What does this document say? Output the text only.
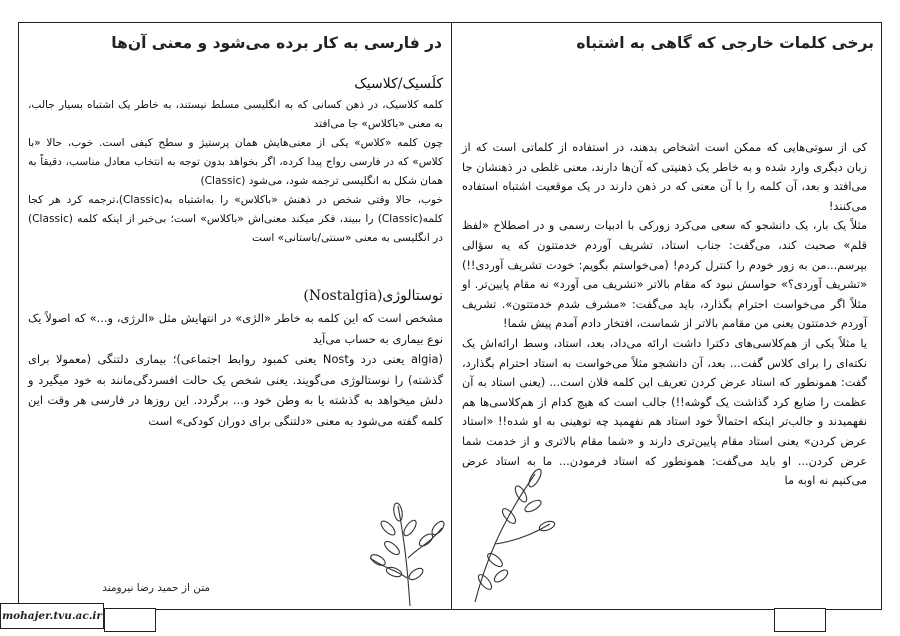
برخی کلمات خارجی که گاهی به اشتباه
در فارسی به کار برده می‌شود و معنی آن‌ها

کی از سوتی‌هایی که ممکن است اشخاص بدهند، در استفاده از کلماتی است که از زبان دیگری وارد شده و به خاطر یک ذهنیتی که آن‌ها دارند، معنی غلطی در ذهنشان جا می‌افتد و بعد، آن کلمه را با آن معنی که در ذهن دارند در یک موقعیت اشتباه استفاده می‌کنند!

مثلاً یک بار، یک دانشجو که سعی می‌کرد زورکی با ادبیات رسمی و در اصطلاح «لفظ قلم» صحبت کند، می‌گفت: جناب استاد، تشریف آوردم خدمتتون که یه سؤالی بپرسم...من به زور خودم را کنترل کردم! (می‌خواستم بگویم: خودت تشریف آوردی!!) «تشریف آوردی؟» حواسش نبود که مقام بالاتر «تشریف می آورد» نه مقام پایین‌تر. او مثلاً اگر می‌خواست احترام بگذارد، باید می‌گفت: «مشرف شدم خدمتتون». تشریف آوردم خدمتتون یعنی من مقامم بالاتر از شماست، افتخار دادم آمدم پیش شما!

یا مثلاً یکی از هم‌کلاسی‌های دکترا داشت ارائه می‌داد، بعد، استاد، وسط ارائه‌اش یک نکته‌ای را برای کلاس گفت... بعد، آن دانشجو مثلاً می‌خواست به استاد احترام بگذارد، گفت: همونطور که استاد عرض کردن تعریف این کلمه فلان است... (یعنی استاد به آن عظمت را ضایع کرد گذاشت یک گوشه!!) جالب است که هیچ کدام از هم‌کلاسی‌ها هم نفهمیدند و جالب‌تر اینکه احتمالاً خود استاد هم نفهمید چه توهینی به او شده!! «استاد عرض کردن» یعنی استاد مقام پایین‌تری دارند و «شما مقام بالاتری و از خدمت شما عرض کردن... او باید می‌گفت: همونطور که استاد فرمودن... ما به استاد عرض می‌کنیم نه اوبه ما

کلَسیک/کلاسیک

کلمه کلاسیک، در ذهن کسانی که به انگلیسی مسلط نیستند، به خاطر یک اشتباه بسیار جالب، به معنی «باکلاس» جا می‌افتد

چون کلمه «کلاس» یکی از معنی‌هایش همان پرستیژ و سطح کیفی است. خوب، حالا «با کلاس» که در فارسی رواج پیدا کرده، اگر بخواهد بدون توجه به انتخاب معادل مناسب، دقیقاً به همان شکل به انگلیسی ترجمه شود، می‌شود (Classic)

خوب، حالا وقتی شخص در ذهنش «باکلاس» را به‌اشتباه به(Classic)،ترجمه کرد هر کجا کلمه(Classic) را ببیند، فکر میکند معنی‌اش «باکلاس» است؛ بی‌خبر از اینکه کلمه (Classic) در انگلیسی به معنی «سنتی/باستانی» است

نوستالوژی(Nostalgia)

مشخص است که این کلمه به خاطر «الژی» در انتهایش مثل «الرژی، و...» که اصولاً یک نوع بیماری به حساب می‌آید

(algia یعنی درد وNost یعنی کمبود روابط اجتماعی)؛ بیماری دلتنگی (معمولا برای گذشته) را نوستالوژی می‌گویند. یعنی شخص یک حالت افسردگی‌مانند به خود میگیرد و دلش میخواهد به گذشته یا به وطن خود و... برگردد. این روزها در فارسی هر وقت این کلمه گفته می‌شود به معنی «دلتنگی برای دوران کودکی» است

متن از حمید رضا نیرومند
mohajer.tvu.ac.ir
